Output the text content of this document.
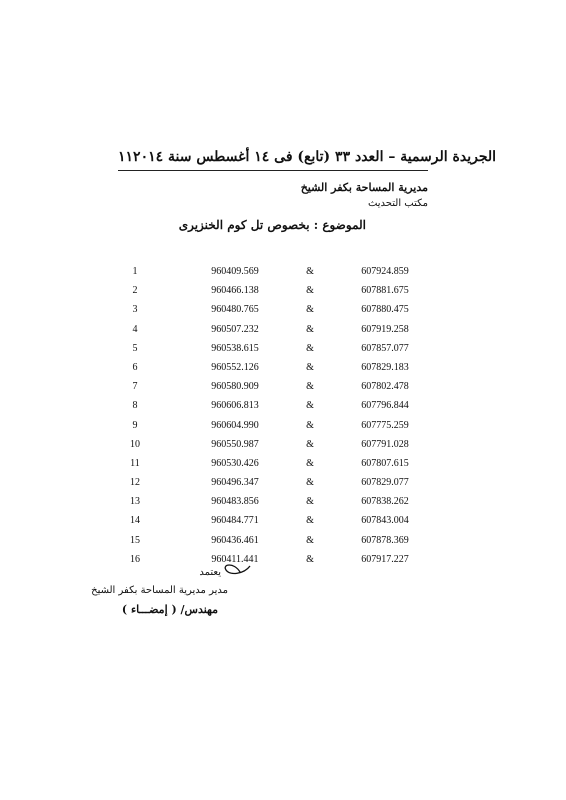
١١ الجريدة الرسمية – العدد ٣٣ (تابع) فى ١٤ أغسطس سنة ٢٠١٤
مديرية المساحة بكفر الشيخ
مكتب التحديث
الموضوع : بخصوص تل كوم الخنزيرى
1	960409.569	&	607924.859
2	960466.138	&	607881.675
3	960480.765	&	607880.475
4	960507.232	&	607919.258
5	960538.615	&	607857.077
6	960552.126	&	607829.183
7	960580.909	&	607802.478
8	960606.813	&	607796.844
9	960604.990	&	607775.259
10	960550.987	&	607791.028
11	960530.426	&	607807.615
12	960496.347	&	607829.077
13	960483.856	&	607838.262
14	960484.771	&	607843.004
15	960436.461	&	607878.369
16	960411.441	&	607917.227
يعتمد
مدير مديرية المساحة بكفر الشيخ
مهندس/ ( إمضـــاء )
